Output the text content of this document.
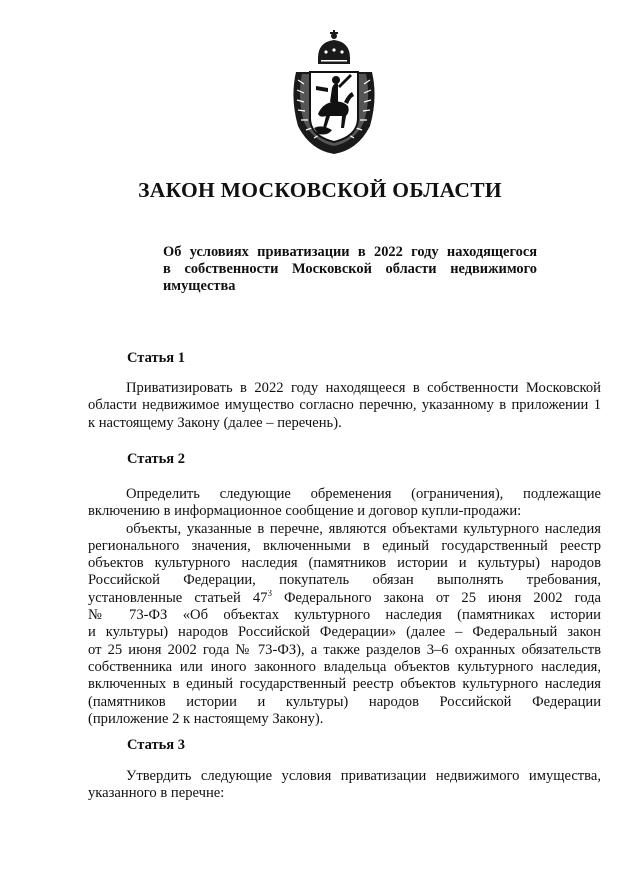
ЗАКОН МОСКОВСКОЙ ОБЛАСТИ
Об условиях приватизации в 2022 году находящегося
в собственности Московской области недвижимого
имущества
Статья 1
Приватизировать в 2022 году находящееся в собственности Московской
области недвижимое имущество согласно перечню, указанному в приложении 1
к настоящему Закону (далее – перечень).
Статья 2
Определить следующие обременения (ограничения), подлежащие
включению в информационное сообщение и договор купли-продажи:
объекты, указанные в перечне, являются объектами культурного наследия
регионального значения, включенными в единый государственный реестр
объектов культурного наследия (памятников истории и культуры) народов
Российской Федерации, покупатель обязан выполнять требования,
установленные статьей $47^3$ Федерального закона от 25 июня 2002 года
№ 73-ФЗ «Об объектах культурного наследия (памятниках истории
и культуры) народов Российской Федерации» (далее – Федеральный закон
от 25 июня 2002 года № 73-ФЗ), а также разделов 3–6 охранных обязательств
собственника или иного законного владельца объектов культурного наследия,
включенных в единый государственный реестр объектов культурного наследия
(памятников истории и культуры) народов Российской Федерации
(приложение 2 к настоящему Закону).
Статья 3
Утвердить следующие условия приватизации недвижимого имущества,
указанного в перечне:
